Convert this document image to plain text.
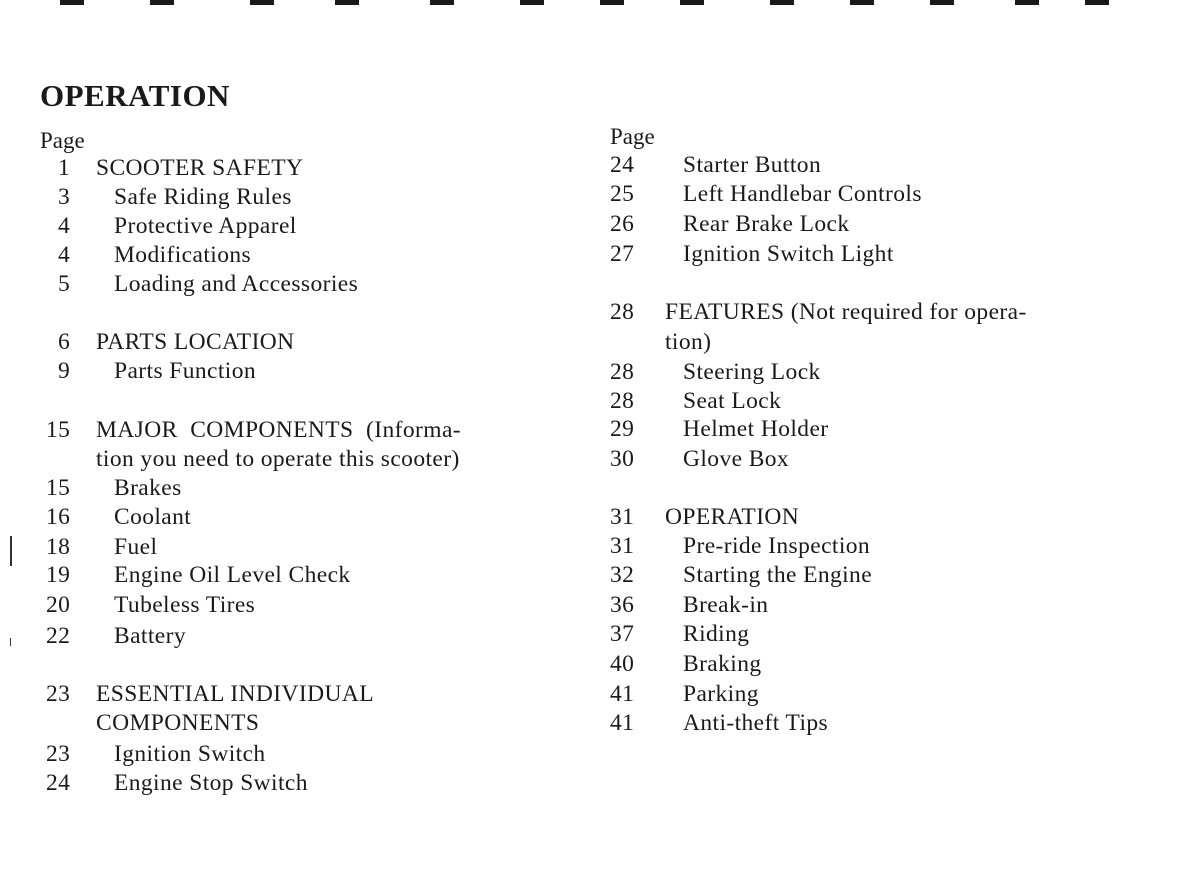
OPERATION
Page
1 SCOOTER SAFETY
3 Safe Riding Rules
4 Protective Apparel
4 Modifications
5 Loading and Accessories
6 PARTS LOCATION
9 Parts Function
15 MAJOR  COMPONENTS  (Informa-
tion you need to operate this scooter)
15 Brakes
16 Coolant
18 Fuel
19 Engine Oil Level Check
20 Tubeless Tires
22 Battery
23 ESSENTIAL INDIVIDUAL
COMPONENTS
23 Ignition Switch
24 Engine Stop Switch
Page
24 Starter Button
25 Left Handlebar Controls
26 Rear Brake Lock
27 Ignition Switch Light
28 FEATURES (Not required for opera-
tion)
28 Steering Lock
28 Seat Lock
29 Helmet Holder
30 Glove Box
31 OPERATION
31 Pre-ride Inspection
32 Starting the Engine
36 Break-in
37 Riding
40 Braking
41 Parking
41 Anti-theft Tips
